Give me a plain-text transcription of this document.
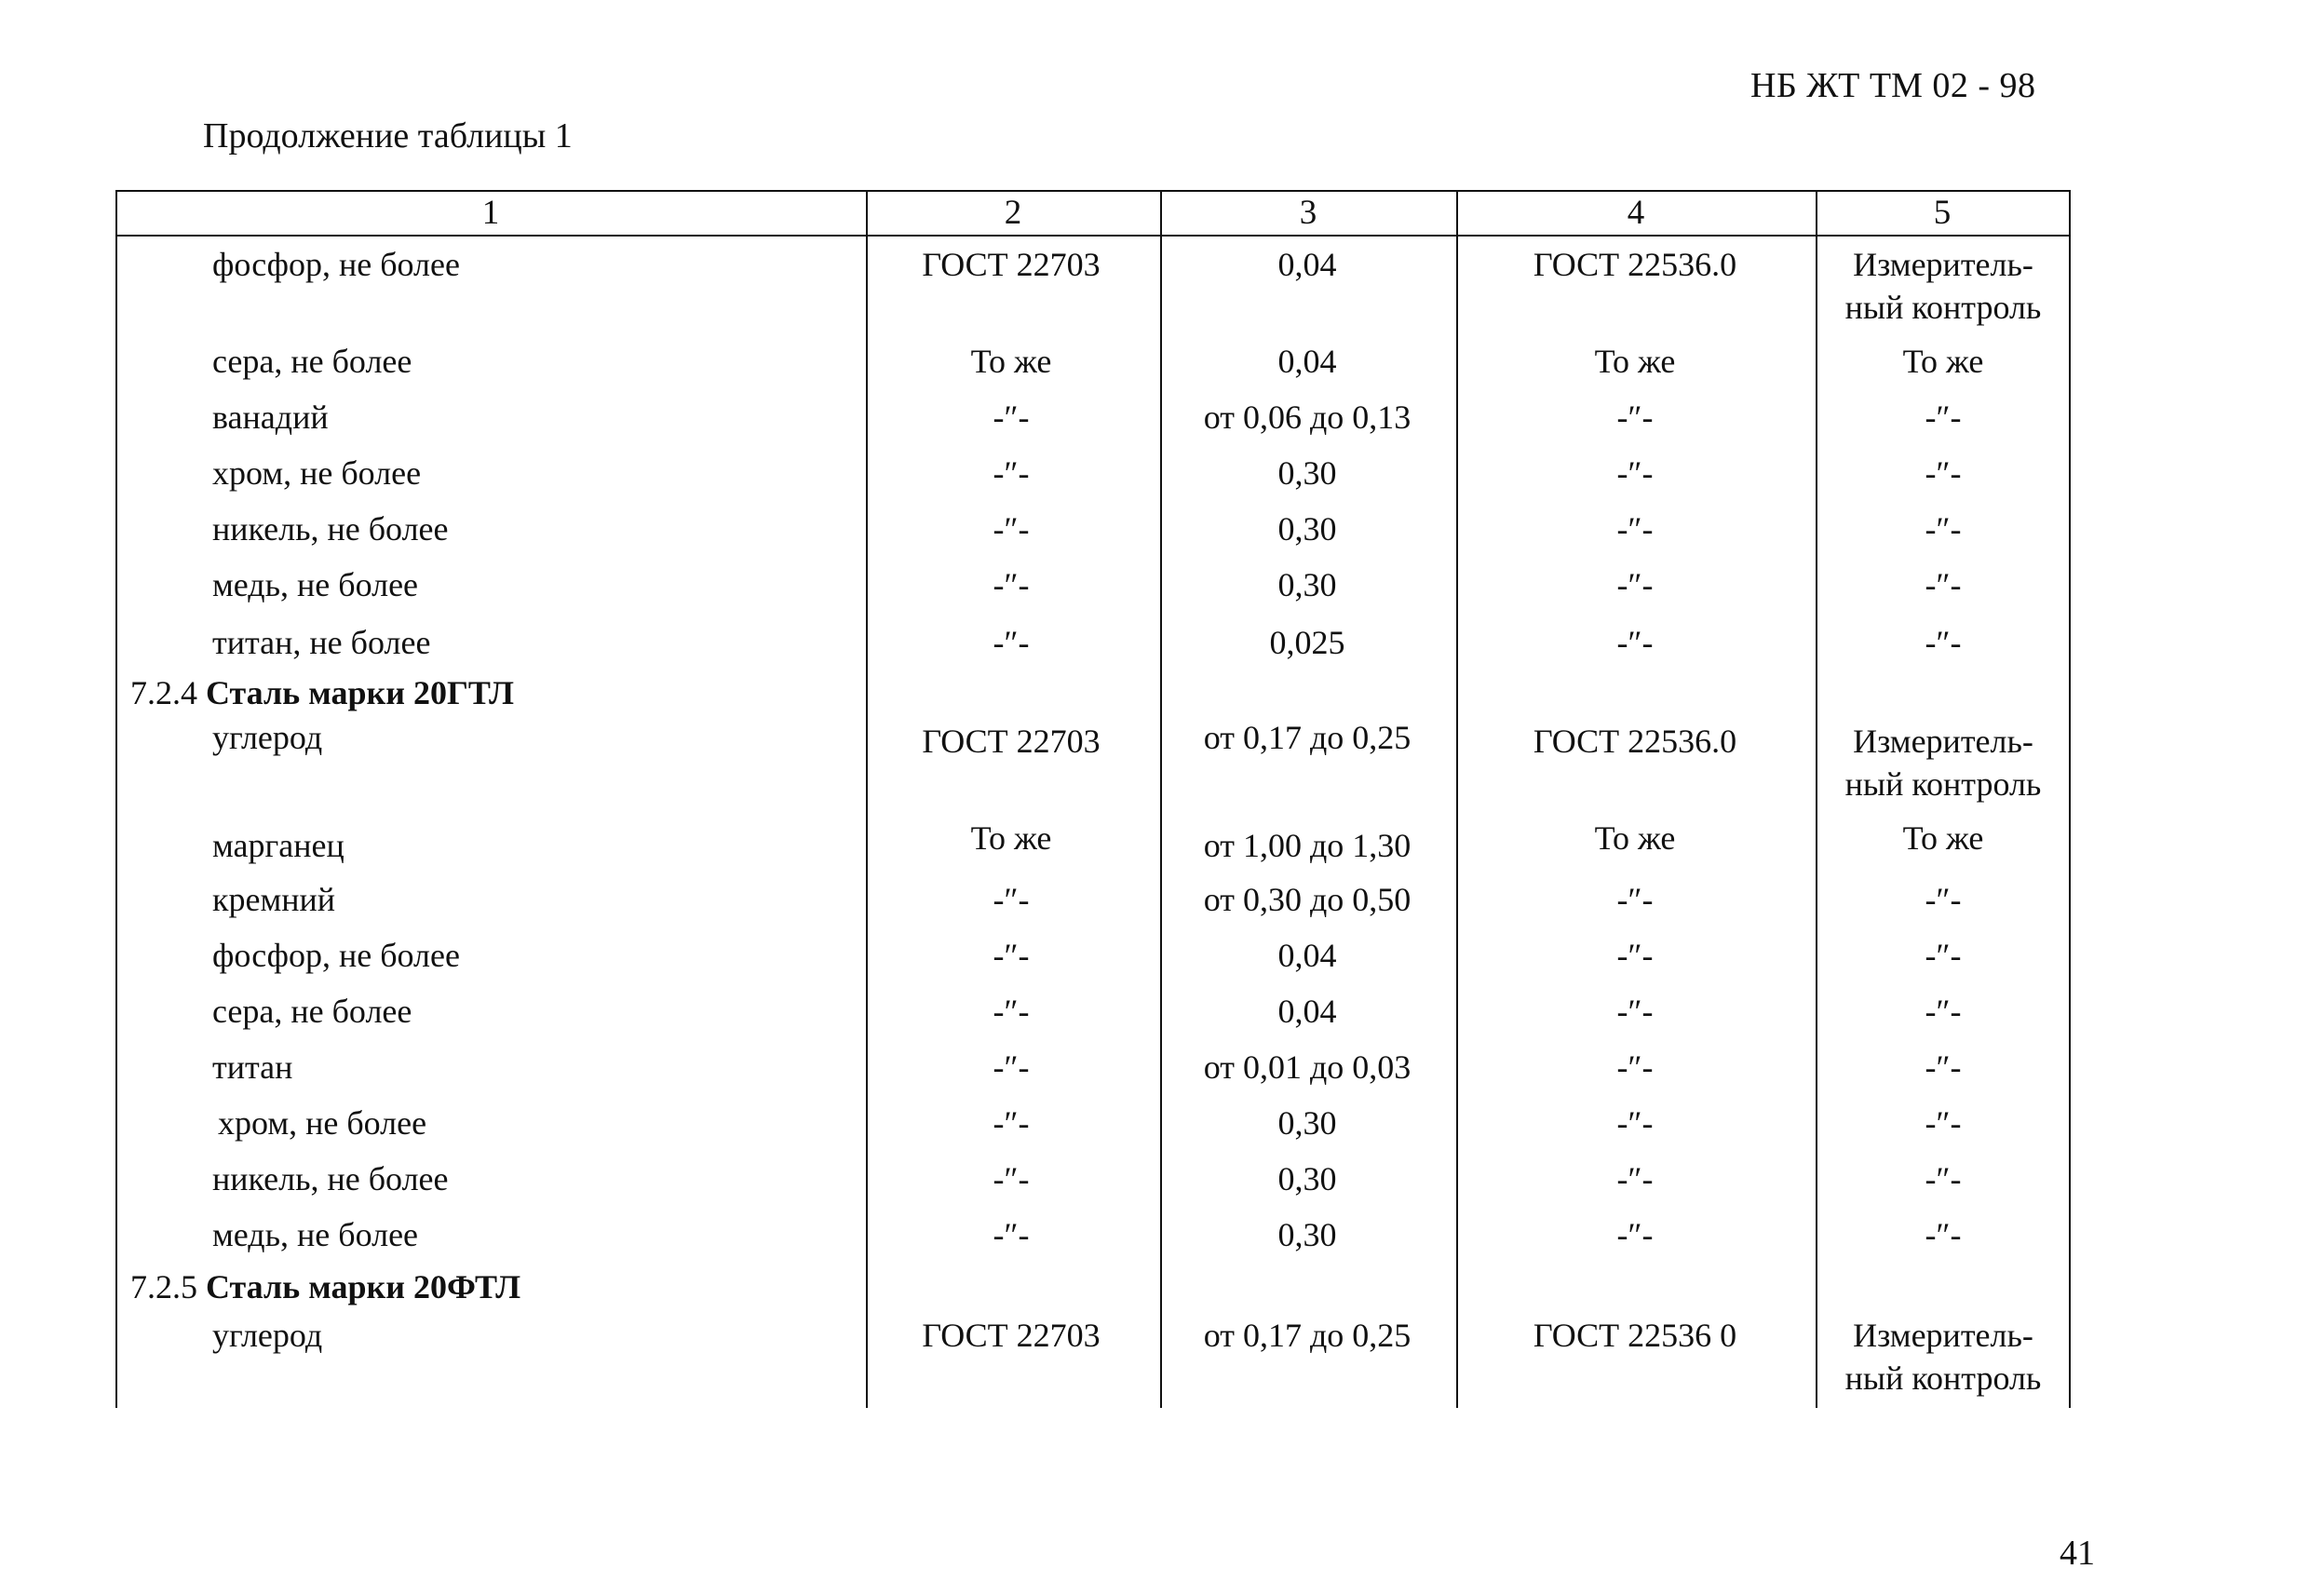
НБ ЖТ ТМ 02 - 98
Продолжение таблицы 1
1	2	3	4	5
фосфор, не более	ГОСТ 22703	0,04	ГОСТ 22536.0	Измеритель-
ный контроль
сера, не более	То же	0,04	То же	То же
ванадий	-″-	от 0,06 до 0,13	-″-	-″-
хром, не более	-″-	0,30	-″-	-″-
никель, не более	-″-	0,30	-″-	-″-
медь, не более	-″-	0,30	-″-	-″-
титан, не более	-″-	0,025	-″-	-″-
7.2.4 Сталь марки 20ГТЛ
углерод	ГОСТ 22703	от 0,17 до 0,25	ГОСТ 22536.0	Измеритель-
ный контроль
марганец	То же	от 1,00 до 1,30	То же	То же
кремний	-″-	от 0,30 до 0,50	-″-	-″-
фосфор, не более	-″-	0,04	-″-	-″-
сера, не более	-″-	0,04	-″-	-″-
титан	-″-	от 0,01 до 0,03	-″-	-″-
хром, не более	-″-	0,30	-″-	-″-
никель, не более	-″-	0,30	-″-	-″-
медь, не более	-″-	0,30	-″-	-″-
7.2.5 Сталь марки 20ФТЛ
углерод	ГОСТ 22703	от 0,17 до 0,25	ГОСТ 22536 0	Измеритель-
ный контроль
41
